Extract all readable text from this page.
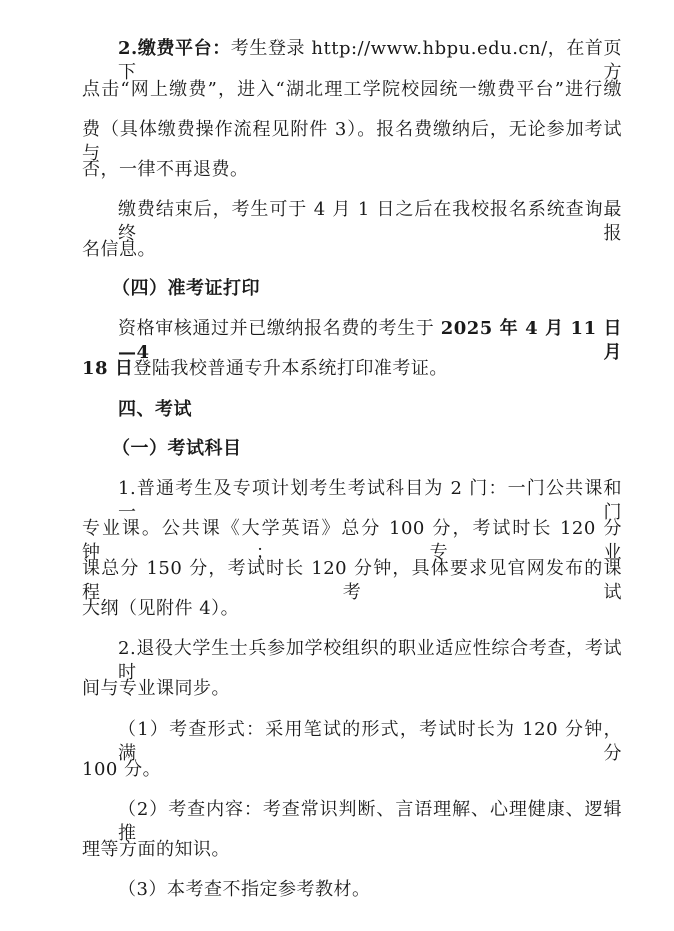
2.缴费平台：考生登录 http://www.hbpu.edu.cn/，在首页下方
点击“网上缴费”，进入“湖北理工学院校园统一缴费平台”进行缴
费（具体缴费操作流程见附件 3）。报名费缴纳后，无论参加考试与
否，一律不再退费。
缴费结束后，考生可于 4 月 1 日之后在我校报名系统查询最终报
名信息。
（四）准考证打印
资格审核通过并已缴纳报名费的考生于 2025 年 4 月 11 日—4 月
18 日登陆我校普通专升本系统打印准考证。
四、考试
（一）考试科目
1.普通考生及专项计划考生考试科目为 2 门：一门公共课和一门
专业课。公共课《大学英语》总分 100 分，考试时长 120 分钟；专业
课总分 150 分，考试时长 120 分钟，具体要求见官网发布的课程考试
大纲（见附件 4）。
2.退役大学生士兵参加学校组织的职业适应性综合考查，考试时
间与专业课同步。
（1）考查形式：采用笔试的形式，考试时长为 120 分钟，满分
100 分。
（2）考查内容：考查常识判断、言语理解、心理健康、逻辑推
理等方面的知识。
（3）本考查不指定参考教材。
